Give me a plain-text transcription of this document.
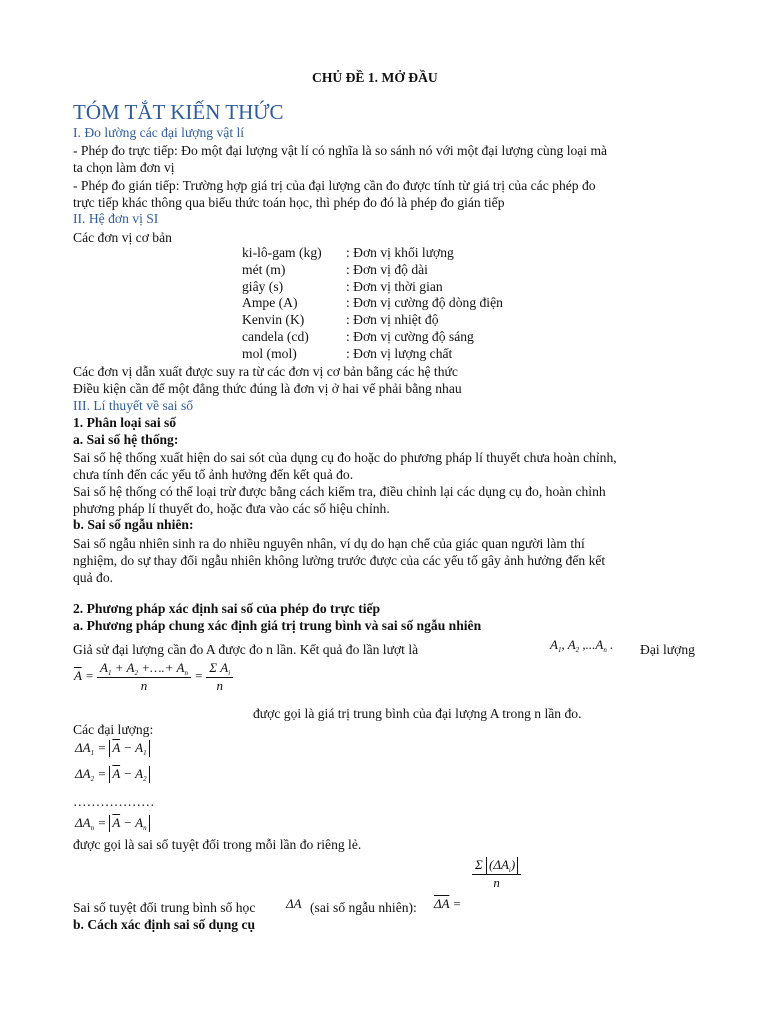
CHỦ ĐỀ 1. MỞ ĐẦU
TÓM TẮT KIẾN THỨC
I. Đo lường các đại lượng vật lí
- Phép đo trực tiếp: Đo một đại lượng vật lí có nghĩa là so sánh nó với một đại lượng cùng loại mà
ta chọn làm đơn vị
- Phép đo gián tiếp: Trường hợp giá trị của đại lượng cần đo được tính từ giá trị của các phép đo
trực tiếp khác thông qua biểu thức toán học, thì phép đo đó là phép đo gián tiếp
II. Hệ đơn vị SI
Các đơn vị cơ bản
ki-lô-gam (kg)	: Đơn vị khối lượng
mét (m)	: Đơn vị độ dài
giây (s)	: Đơn vị thời gian
Ampe (A)	: Đơn vị cường độ dòng điện
Kenvin (K)	: Đơn vị nhiệt độ
candela (cd)	: Đơn vị cường độ sáng
mol (mol)	: Đơn vị lượng chất
Các đơn vị dẫn xuất được suy ra từ các đơn vị cơ bản bằng các hệ thức
Điều kiện cần để một đẳng thức đúng là đơn vị ở hai vế phải bằng nhau
III. Lí thuyết về sai số
1. Phân loại sai số
a. Sai số hệ thống:
Sai số hệ thống xuất hiện do sai sót của dụng cụ đo hoặc do phương pháp lí thuyết chưa hoàn chỉnh,
chưa tính đến các yếu tố ảnh hưởng đến kết quả đo.
Sai số hệ thống có thể loại trừ được bằng cách kiểm tra, điều chỉnh lại các dụng cụ đo, hoàn chỉnh
phương pháp lí thuyết đo, hoặc đưa vào các số hiệu chỉnh.
b. Sai số ngẫu nhiên:
Sai số ngẫu nhiên sinh ra do nhiều nguyên nhân, ví dụ do hạn chế của giác quan người làm thí
nghiệm, do sự thay đổi ngẫu nhiên không lường trước được của các yếu tố gây ảnh hưởng đến kết
quả đo.
2. Phương pháp xác định sai số của phép đo trực tiếp
a. Phương pháp chung xác định giá trị trung bình và sai số ngẫu nhiên
Giả sử đại lượng cần đo A được đo n lần. Kết quả đo lần lượt là	$A_1$, $A_2$ $,...A_n$ . Đại lượng
$\overline{A} = \frac{A_1 + A_2 +\dots.+ A_n}{n} = \frac{\Sigma A_i}{n}$
được gọi là giá trị trung bình của đại lượng A trong n lần đo.
Các đại lượng:
$\Delta A_1 = \overline{A} - A_1$
$\Delta A_2 = \overline{A} - A_2$
………………
$\Delta A_n = \overline{A} - A_n$
được gọi là sai số tuyệt đối trong mỗi lần đo riêng lẻ.
$\frac{\Sigma (\Delta A_i)}{n}$
Sai số tuyệt đối trung bình số học ΔA (sai số ngẫu nhiên): $\overline{\Delta A}$ =
b. Cách xác định sai số dụng cụ
